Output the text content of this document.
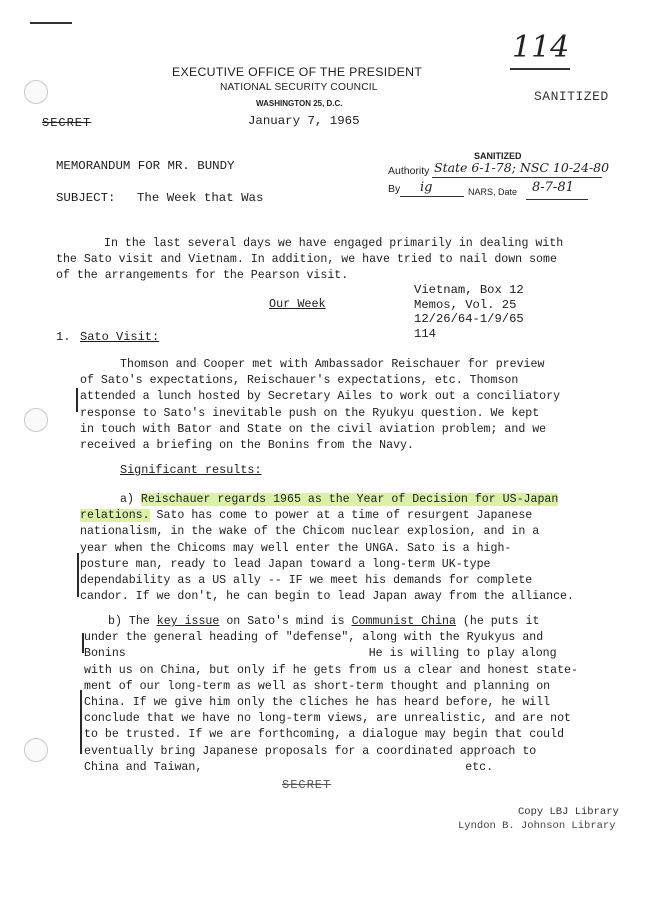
114
EXECUTIVE OFFICE OF THE PRESIDENT
NATIONAL SECURITY COUNCIL
WASHINGTON 25, D.C.	SANITIZED
SECRET	January 7, 1965
MEMORANDUM FOR MR. BUNDY
SUBJECT: The Week that Was
SANITIZED
Authority State 6-1-78; NSC 10-24-80
By ig	NARS, Date 8-7-81
In the last several days we have engaged primarily in dealing with
the Sato visit and Vietnam. In addition, we have tried to nail down some
of the arrangements for the Pearson visit.
Vietnam, Box 12
Memos, Vol. 25
12/26/64-1/9/65
114
Our Week
1. Sato Visit:
Thomson and Cooper met with Ambassador Reischauer for preview
of Sato's expectations, Reischauer's expectations, etc. Thomson
attended a lunch hosted by Secretary Ailes to work out a conciliatory
response to Sato's inevitable push on the Ryukyu question. We kept
in touch with Bator and State on the civil aviation problem; and we
received a briefing on the Bonins from the Navy.
Significant results:
a) Reischauer regards 1965 as the Year of Decision for US-Japan
relations. Sato has come to power at a time of resurgent Japanese
nationalism, in the wake of the Chicom nuclear explosion, and in a
year when the Chicoms may well enter the UNGA. Sato is a high-
posture man, ready to lead Japan toward a long-term UK-type
dependability as a US ally -- IF we meet his demands for complete
candor. If we don't, he can begin to lead Japan away from the alliance.
b) The key issue on Sato's mind is Communist China (he puts it
under the general heading of "defense", along with the Ryukyus and
Bonins	He is willing to play along
with us on China, but only if he gets from us a clear and honest state-
ment of our long-term as well as short-term thought and planning on
China. If we give him only the cliches he has heard before, he will
conclude that we have no long-term views, are unrealistic, and are not
to be trusted. If we are forthcoming, a dialogue may begin that could
eventually bring Japanese proposals for a coordinated approach to
China and Taiwan,	etc.
SECRET
Copy LBJ Library
Lyndon B. Johnson Library
